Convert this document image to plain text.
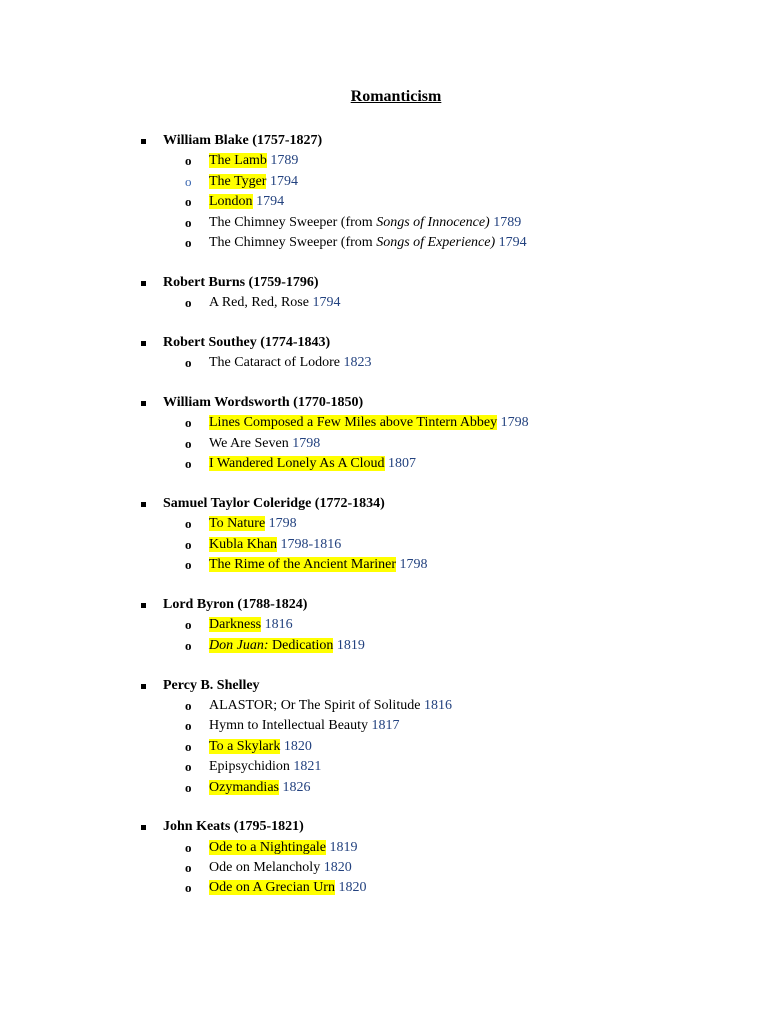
Romanticism
William Blake (1757-1827)
o The Lamb 1789
o The Tyger 1794
o London 1794
o The Chimney Sweeper (from Songs of Innocence) 1789
o The Chimney Sweeper (from Songs of Experience) 1794
Robert Burns (1759-1796)
o A Red, Red, Rose 1794
Robert Southey (1774-1843)
o The Cataract of Lodore 1823
William Wordsworth (1770-1850)
o Lines Composed a Few Miles above Tintern Abbey 1798
o We Are Seven 1798
o I Wandered Lonely As A Cloud 1807
Samuel Taylor Coleridge (1772-1834)
o To Nature 1798
o Kubla Khan 1798-1816
o The Rime of the Ancient Mariner 1798
Lord Byron (1788-1824)
o Darkness 1816
o Don Juan: Dedication 1819
Percy B. Shelley
o ALASTOR; Or The Spirit of Solitude 1816
o Hymn to Intellectual Beauty 1817
o To a Skylark 1820
o Epipsychidion 1821
o Ozymandias 1826
John Keats (1795-1821)
o Ode to a Nightingale 1819
o Ode on Melancholy 1820
o Ode on A Grecian Urn 1820
